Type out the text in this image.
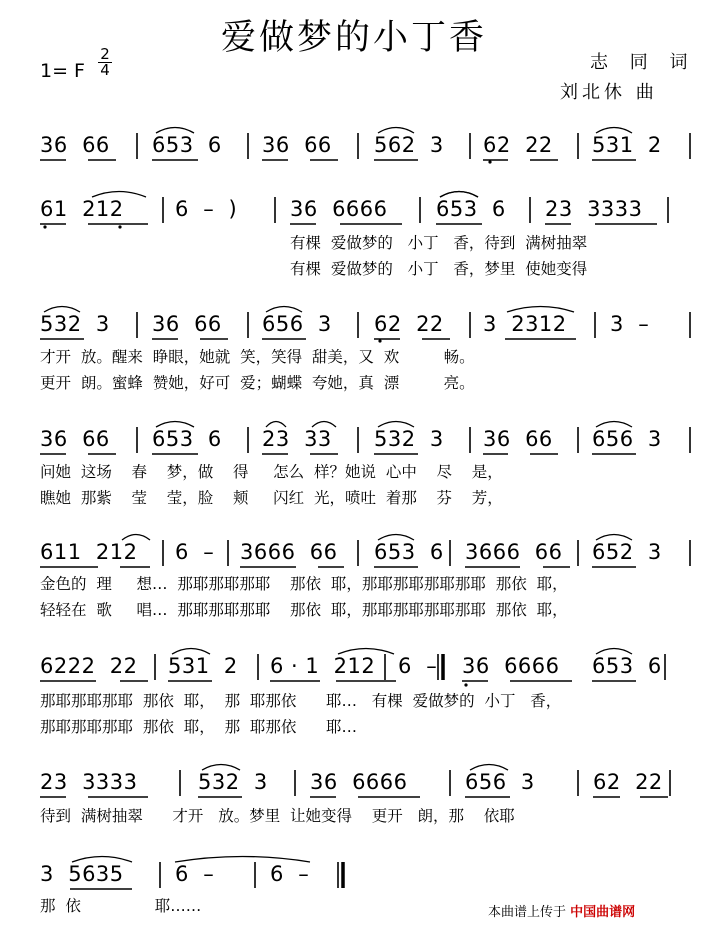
爱做梦的小丁香
1= F $\frac{2}{4}$	志 同 词
刘北休 曲
36  66 653  6 36  66 562  3 62  22 531  2
61  212 6  –  )	36  6666 653  6 23  3333
有棵  爱做梦的   小丁   香，待到  满树抽翠
有棵  爱做梦的   小丁   香，梦里  使她变得
532  3 36  66 656  3 62  22 3  2312 3  –
才开  放。醒来  睁眼，她就  笑，笑得  甜美，又  欢         畅。
更开  朗。蜜蜂  赞她，好可  爱；蝴蝶  夸她，真  漂         亮。
36  66 653  6 23  33 532  3 36  66 656  3
问她  这场    春    梦，做    得     怎么  样？她说  心中    尽    是，
瞧她  那紫    莹    莹，脸    颊     闪红  光，喷吐  着那    芬    芳，
611  212 6  – 3666  66 653  6 3666  66 652  3
金色的  理     想…  那耶那耶那耶    那依  耶，那耶那耶那耶那耶  那依  耶，
轻轻在  歌     唱…  那耶那耶那耶    那依  耶，那耶那耶那耶那耶  那依  耶，
6222  22 531  2 6 · 1  212 6  – 36  6666 653  6
那耶那耶那耶  那依  耶，  那  耶那依      耶…   有棵  爱做梦的  小丁   香，
那耶那耶那耶  那依  耶，  那  耶那依      耶…
23  3333	532  3 36  6666	656  3	62  22
待到  满树抽翠      才开   放。梦里  让她变得    更开   朗，那    依耶
3  5635 6  –	6  –
那  依               耶……	本曲谱上传于 中国曲谱网
